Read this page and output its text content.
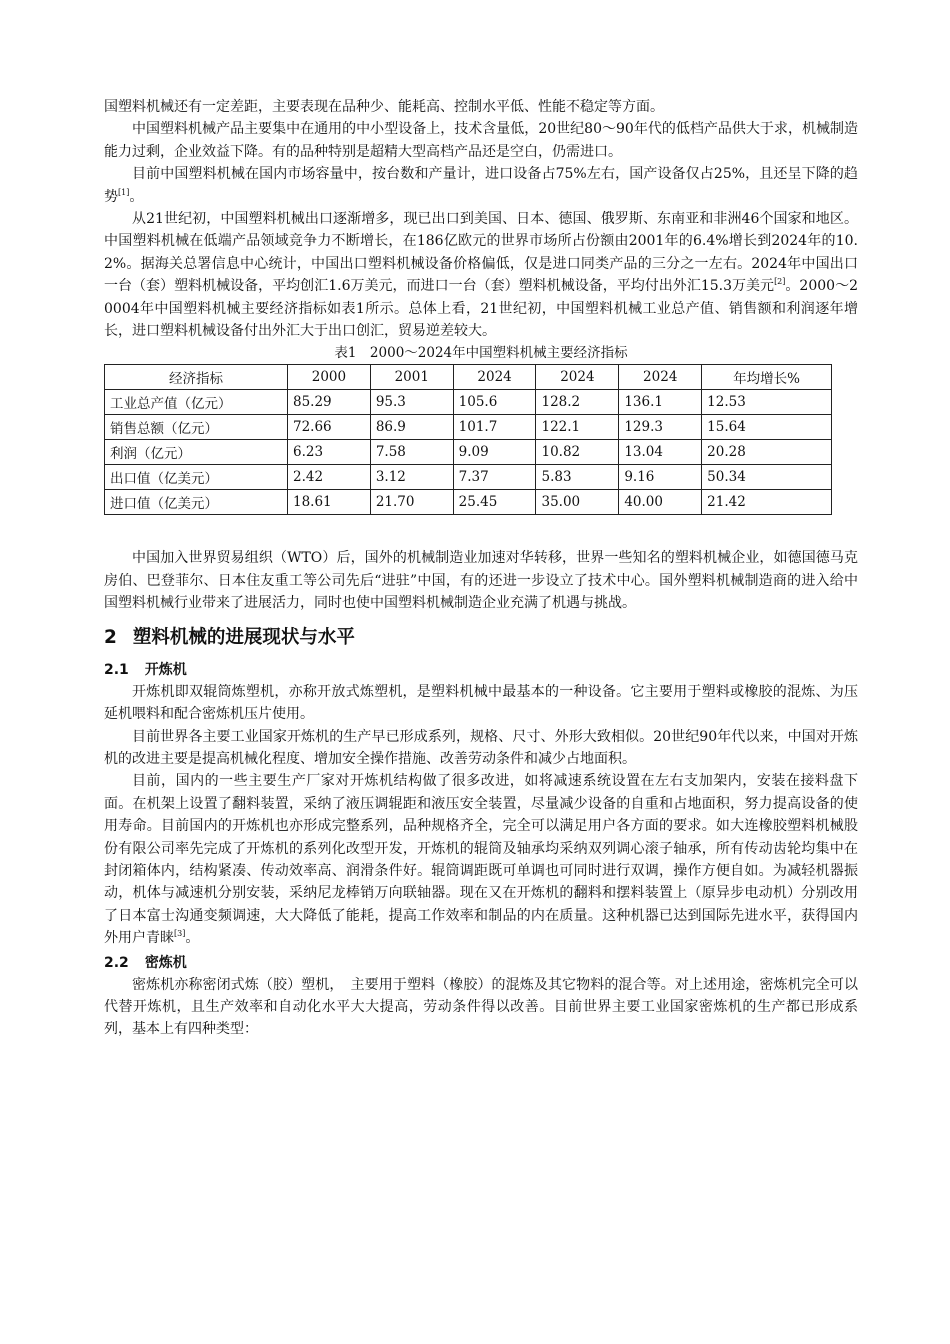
国塑料机械还有一定差距，主要表现在品种少、能耗高、控制水平低、性能不稳定等方面。

中国塑料机械产品主要集中在通用的中小型设备上，技术含量低，20世纪80～90年代的低档产品供大于求，机械制造能力过剩，企业效益下降。有的品种特别是超精大型高档产品还是空白，仍需进口。

目前中国塑料机械在国内市场容量中，按台数和产量计，进口设备占75%左右，国产设备仅占25%，且还呈下降的趋势[1]。

从21世纪初，中国塑料机械出口逐渐增多，现已出口到美国、日本、德国、俄罗斯、东南亚和非洲46个国家和地区。中国塑料机械在低端产品领域竞争力不断增长，在186亿欧元的世界市场所占份额由2001年的6.4%增长到2024年的10.2%。据海关总署信息中心统计，中国出口塑料机械设备价格偏低，仅是进口同类产品的三分之一左右。2024年中国出口一台（套）塑料机械设备，平均创汇1.6万美元，而进口一台（套）塑料机械设备，平均付出外汇15.3万美元[2]。2000～20004年中国塑料机械主要经济指标如表1所示。总体上看，21世纪初，中国塑料机械工业总产值、销售额和利润逐年增长，进口塑料机械设备付出外汇大于出口创汇，贸易逆差较大。

表1　2000～2024年中国塑料机械主要经济指标
经济指标	2000	2001	2024	2024	2024	年均增长%
工业总产值（亿元）	85.29	95.3	105.6	128.2	136.1	12.53
销售总额（亿元）	72.66	86.9	101.7	122.1	129.3	15.64
利润（亿元）	6.23	7.58	9.09	10.82	13.04	20.28
出口值（亿美元）	2.42	3.12	7.37	5.83	9.16	50.34
进口值（亿美元）	18.61	21.70	25.45	35.00	40.00	21.42

中国加入世界贸易组织（WTO）后，国外的机械制造业加速对华转移，世界一些知名的塑料机械企业，如德国德马克房伯、巴登菲尔、日本住友重工等公司先后“进驻”中国，有的还进一步设立了技术中心。国外塑料机械制造商的进入给中国塑料机械行业带来了进展活力，同时也使中国塑料机械制造企业充满了机遇与挑战。

2 塑料机械的进展现状与水平
2.1 开炼机

开炼机即双辊筒炼塑机，亦称开放式炼塑机，是塑料机械中最基本的一种设备。它主要用于塑料或橡胶的混炼、为压延机喂料和配合密炼机压片使用。

目前世界各主要工业国家开炼机的生产早已形成系列，规格、尺寸、外形大致相似。20世纪90年代以来，中国对开炼机的改进主要是提高机械化程度、增加安全操作措施、改善劳动条件和减少占地面积。

目前，国内的一些主要生产厂家对开炼机结构做了很多改进，如将减速系统设置在左右支加架内，安装在接料盘下面。在机架上设置了翻料装置，采纳了液压调辊距和液压安全装置，尽量减少设备的自重和占地面积，努力提高设备的使用寿命。目前国内的开炼机也亦形成完整系列，品种规格齐全，完全可以满足用户各方面的要求。如大连橡胶塑料机械股份有限公司率先完成了开炼机的系列化改型开发，开炼机的辊筒及轴承均采纳双列调心滚子轴承，所有传动齿轮均集中在封闭箱体内，结构紧凑、传动效率高、润滑条件好。辊筒调距既可单调也可同时进行双调，操作方便自如。为减轻机器振动，机体与减速机分别安装，采纳尼龙棒销万向联轴器。现在又在开炼机的翻料和摆料装置上（原异步电动机）分别改用了日本富士沟通变频调速，大大降低了能耗，提高工作效率和制品的内在质量。这种机器已达到国际先进水平，获得国内外用户青睐[3]。

2.2 密炼机

密炼机亦称密闭式炼（胶）塑机，　主要用于塑料（橡胶）的混炼及其它物料的混合等。对上述用途，密炼机完全可以代替开炼机，且生产效率和自动化水平大大提高，劳动条件得以改善。目前世界主要工业国家密炼机的生产都已形成系列，基本上有四种类型：
